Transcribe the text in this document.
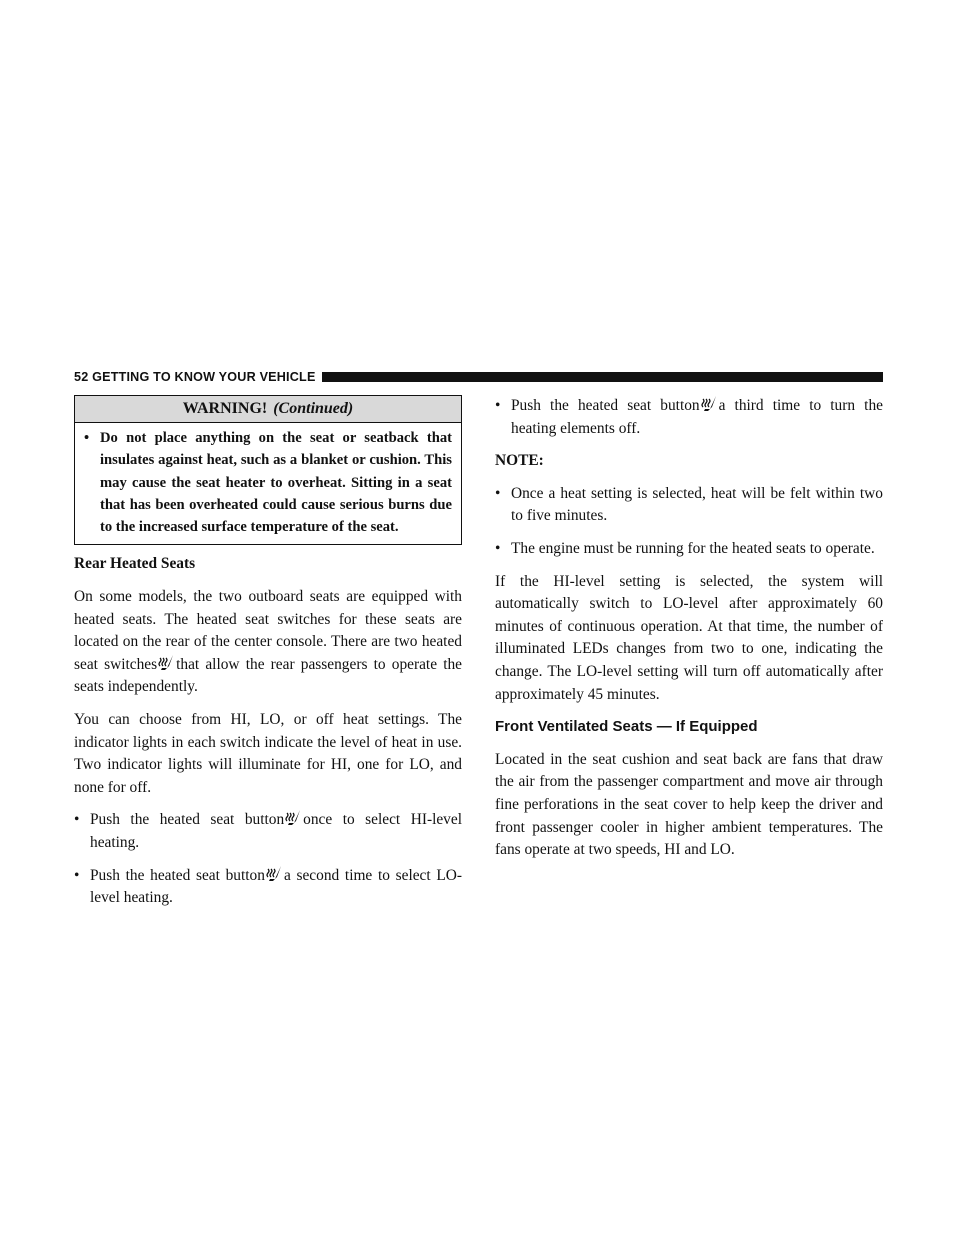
52 GETTING TO KNOW YOUR VEHICLE
WARNING! (Continued)
• Do not place anything on the seat or seatback that insulates against heat, such as a blanket or cushion. This may cause the seat heater to overheat. Sitting in a seat that has been overheated could cause serious burns due to the increased surface temperature of the seat.

Rear Heated Seats

On some models, the two outboard seats are equipped with heated seats. The heated seat switches for these seats are located on the rear of the center console. There are two heated seat switches that allow the rear passengers to operate the seats independently.

You can choose from HI, LO, or off heat settings. The indicator lights in each switch indicate the level of heat in use. Two indicator lights will illuminate for HI, one for LO, and none for off.

• Push the heated seat button once to select HI-level heating.
• Push the heated seat button a second time to select LO-level heating.
• Push the heated seat button a third time to turn the heating elements off.

NOTE:

• Once a heat setting is selected, heat will be felt within two to five minutes.
• The engine must be running for the heated seats to operate.

If the HI-level setting is selected, the system will automatically switch to LO-level after approximately 60 minutes of continuous operation. At that time, the number of illuminated LEDs changes from two to one, indicating the change. The LO-level setting will turn off automatically after approximately 45 minutes.

Front Ventilated Seats — If Equipped

Located in the seat cushion and seat back are fans that draw the air from the passenger compartment and move air through fine perforations in the seat cover to help keep the driver and front passenger cooler in higher ambient temperatures. The fans operate at two speeds, HI and LO.
